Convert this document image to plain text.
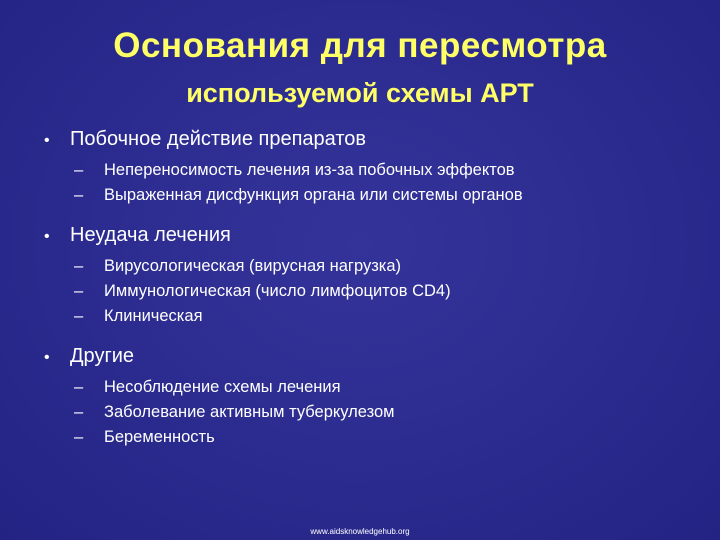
Основания для пересмотра
используемой схемы АРТ
•	Побочное действие препаратов
–	Непереносимость лечения из-за побочных эффектов
–	Выраженная дисфункция органа или системы органов
•	Неудача лечения
–	Вирусологическая (вирусная нагрузка)
–	Иммунологическая (число лимфоцитов CD4)
–	Клиническая
•	Другие
–	Несоблюдение схемы лечения
–	Заболевание активным туберкулезом
–	Беременность
www.aidsknowledgehub.org
